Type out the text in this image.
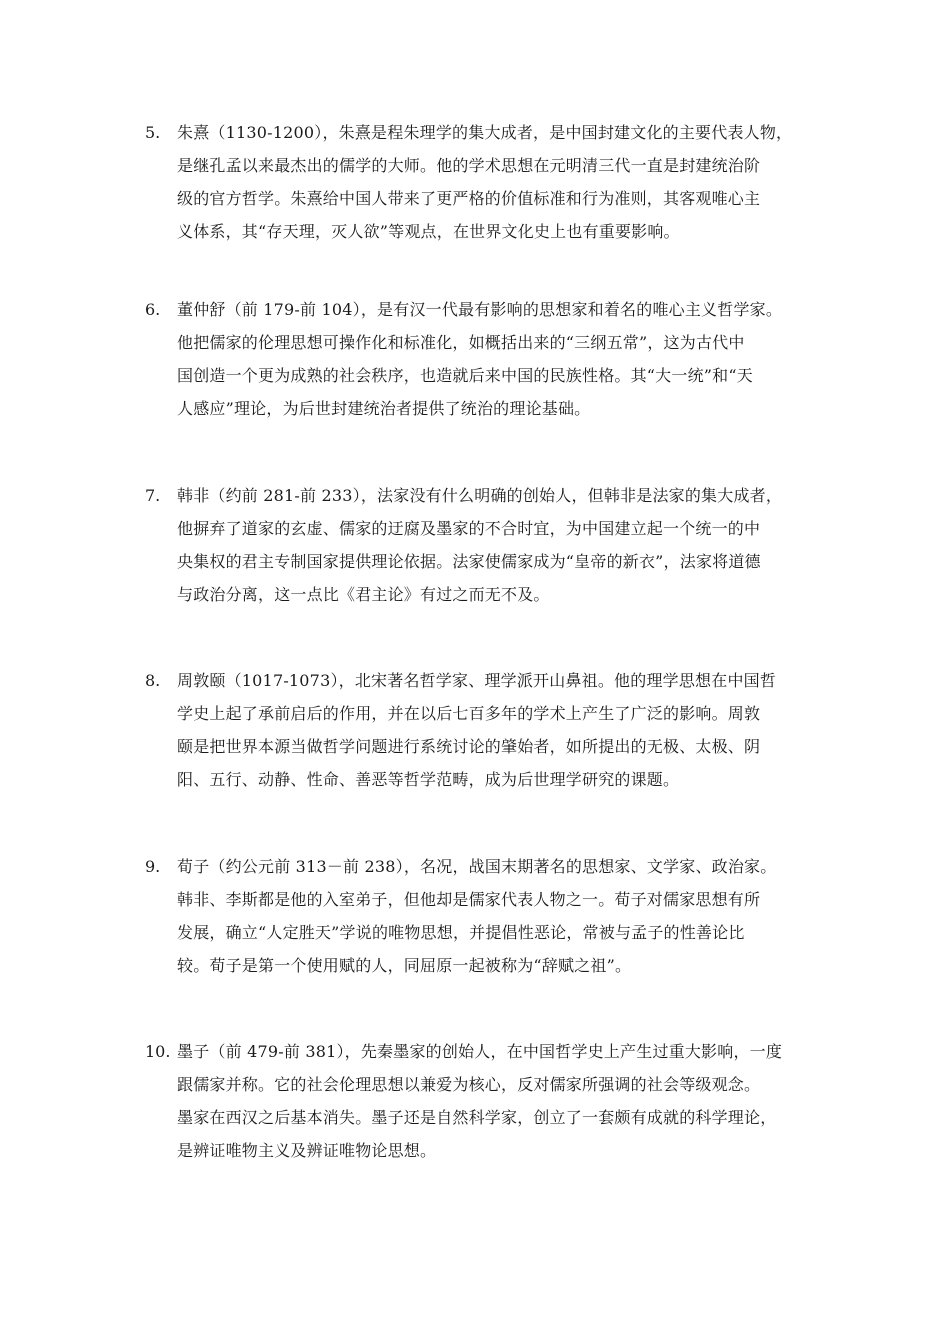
5. 朱熹（1130-1200），朱熹是程朱理学的集大成者，是中国封建文化的主要代表人物，
是继孔孟以来最杰出的儒学的大师。他的学术思想在元明清三代一直是封建统治阶
级的官方哲学。朱熹给中国人带来了更严格的价值标准和行为准则，其客观唯心主
义体系，其“存天理，灭人欲”等观点，在世界文化史上也有重要影响。
6. 董仲舒（前 179-前 104），是有汉一代最有影响的思想家和着名的唯心主义哲学家。
他把儒家的伦理思想可操作化和标准化，如概括出来的“三纲五常”，这为古代中
国创造一个更为成熟的社会秩序，也造就后来中国的民族性格。其“大一统”和“天
人感应”理论，为后世封建统治者提供了统治的理论基础。
7. 韩非（约前 281-前 233），法家没有什么明确的创始人，但韩非是法家的集大成者，
他摒弃了道家的玄虚、儒家的迂腐及墨家的不合时宜，为中国建立起一个统一的中
央集权的君主专制国家提供理论依据。法家使儒家成为“皇帝的新衣”，法家将道德
与政治分离，这一点比《君主论》有过之而无不及。
8. 周敦颐（1017-1073），北宋著名哲学家、理学派开山鼻祖。他的理学思想在中国哲
学史上起了承前启后的作用，并在以后七百多年的学术上产生了广泛的影响。周敦
颐是把世界本源当做哲学问题进行系统讨论的肇始者，如所提出的无极、太极、阴
阳、五行、动静、性命、善恶等哲学范畴，成为后世理学研究的课题。
9. 荀子（约公元前 313－前 238），名况，战国末期著名的思想家、文学家、政治家。
韩非、李斯都是他的入室弟子，但他却是儒家代表人物之一。荀子对儒家思想有所
发展，确立“人定胜天”学说的唯物思想，并提倡性恶论，常被与孟子的性善论比
较。荀子是第一个使用赋的人，同屈原一起被称为“辞赋之祖”。
10. 墨子（前 479-前 381），先秦墨家的创始人，在中国哲学史上产生过重大影响，一度
跟儒家并称。它的社会伦理思想以兼爱为核心，反对儒家所强调的社会等级观念。
墨家在西汉之后基本消失。墨子还是自然科学家，创立了一套颇有成就的科学理论，
是辨证唯物主义及辨证唯物论思想。
